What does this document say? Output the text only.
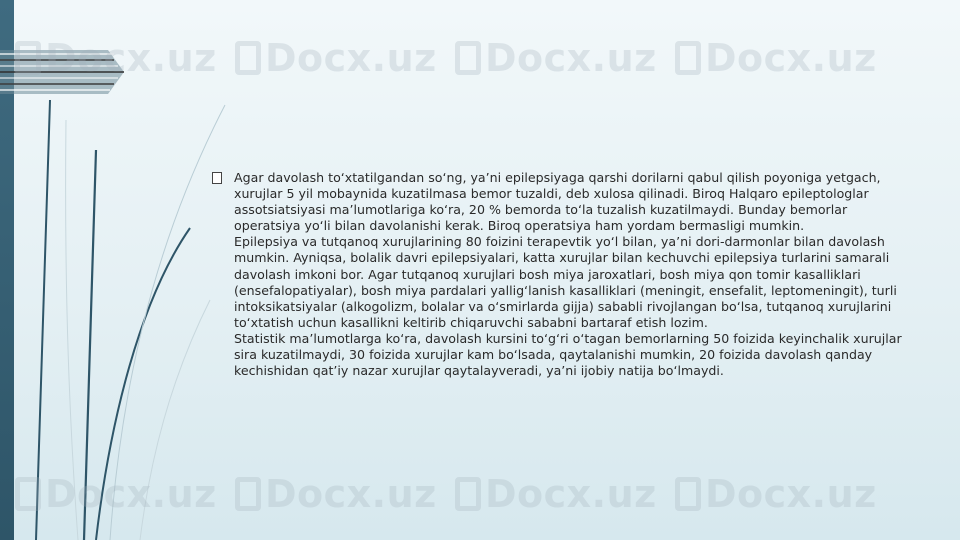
Docx.uz Docx.uz Docx.uz Docx.uz
Docx.uz Docx.uz Docx.uz Docx.uz

Agar davolash to‘xtatilgandan so‘ng, ya’ni epilepsiyaga qarshi dorilarni qabul qilish poyoniga yetgach, xurujlar 5 yil mobaynida kuzatilmasa bemor tuzaldi, deb xulosa qilinadi. Biroq Halqaro epileptologlar assotsiatsiyasi ma’lumotlariga ko‘ra, 20 % bemorda to‘la tuzalish kuzatilmaydi. Bunday bemorlar operatsiya yo‘li bilan davolanishi kerak. Biroq operatsiya ham yordam bermasligi mumkin.

Epilepsiya va tutqanoq xurujlarining 80 foizini terapevtik yo‘l bilan, ya’ni dori-darmonlar bilan davolash mumkin. Ayniqsa, bolalik davri epilepsiyalari, katta xurujlar bilan kechuvchi epilepsiya turlarini samarali davolash imkoni bor. Agar tutqanoq xurujlari bosh miya jaroxatlari, bosh miya qon tomir kasalliklari (ensefalopatiyalar), bosh miya pardalari yallig‘lanish kasalliklari (meningit, ensefalit, leptomeningit), turli intoksikatsiyalar (alkogolizm, bolalar va o‘smirlarda gijja) sababli rivojlangan bo‘lsa, tutqanoq xurujlarini to‘xtatish uchun kasallikni keltirib chiqaruvchi sababni bartaraf etish lozim.

Statistik ma’lumotlarga ko‘ra, davolash kursini to‘g‘ri o‘tagan bemorlarning 50 foizida keyinchalik xurujlar sira kuzatilmaydi, 30 foizida xurujlar kam bo‘lsada, qaytalanishi mumkin, 20 foizida davolash qanday kechishidan qat’iy nazar xurujlar qaytalayveradi, ya’ni ijobiy natija bo‘lmaydi.
